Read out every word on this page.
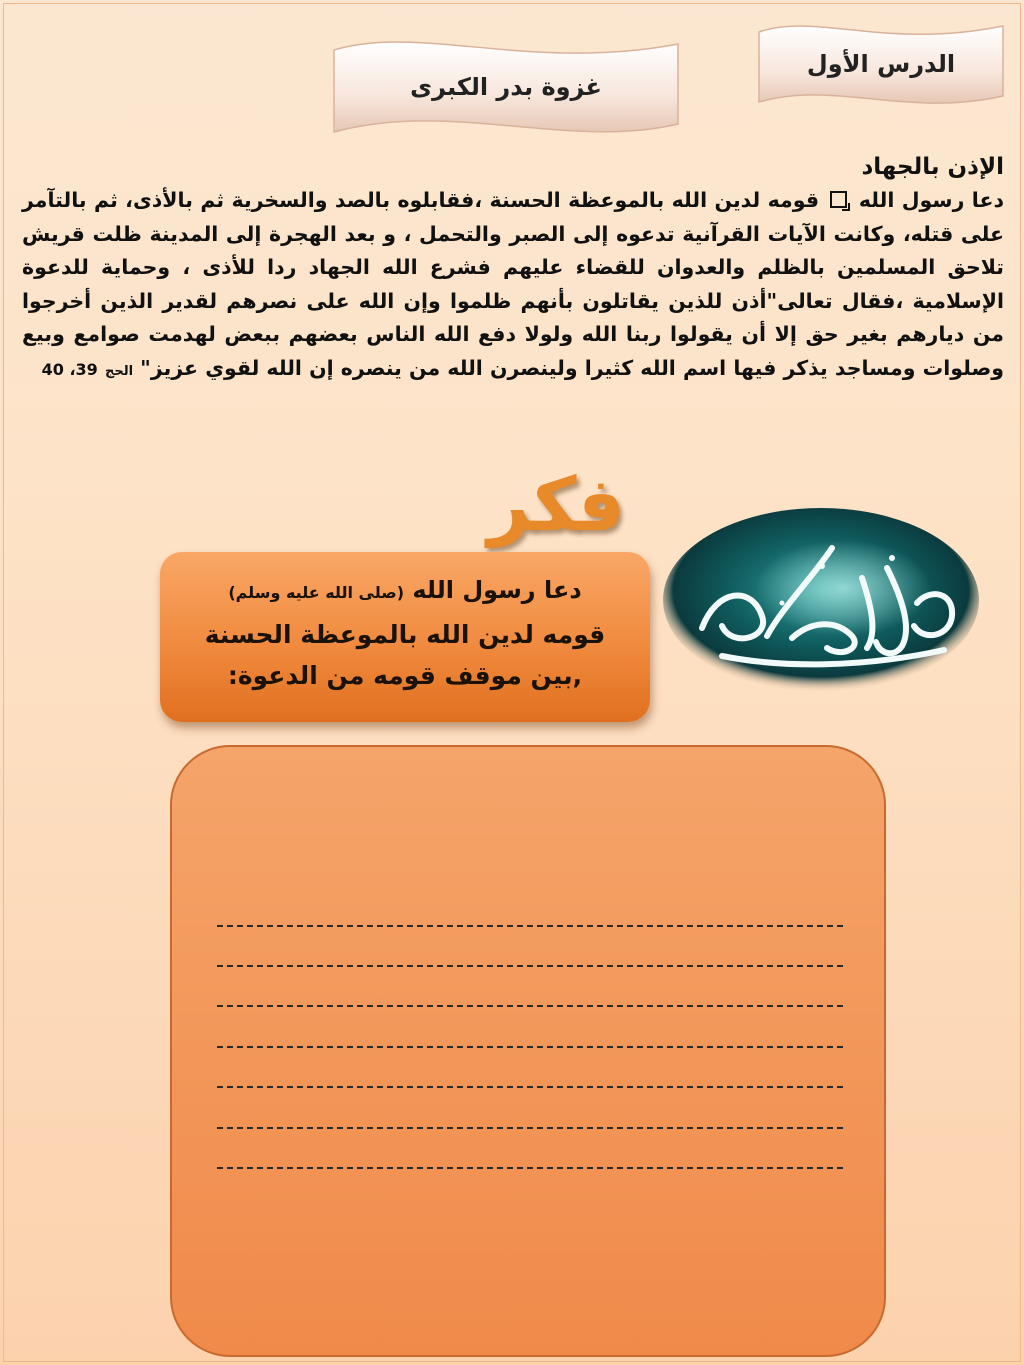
الدرس الأول
غزوة بدر الكبرى
الإذن بالجهاد
دعا رسول الله  قومه لدين الله بالموعظة الحسنة ،فقابلوه بالصد والسخرية ثم بالأذى، ثم بالتآمر على قتله، وكانت الآيات القرآنية تدعوه إلى الصبر والتحمل ، و بعد الهجرة إلى المدينة ظلت قريش تلاحق المسلمين بالظلم والعدوان للقضاء عليهم فشرع الله الجهاد ردا للأذى ، وحماية للدعوة الإسلامية ،فقال تعالى"أذن للذين يقاتلون بأنهم ظلموا وإن الله على نصرهم لقدير الذين أخرجوا من ديارهم بغير حق إلا أن يقولوا ربنا الله ولولا دفع الله الناس بعضهم ببعض لهدمت صوامع وبيع وصلوات ومساجد يذكر فيها اسم الله كثيرا ولينصرن الله من ينصره إن الله لقوي عزيز" الحج 39، 40
فكر
دعا رسول الله (صلى الله عليه وسلم)
قومه لدين الله بالموعظة الحسنة
,بين موقف قومه من الدعوة:
